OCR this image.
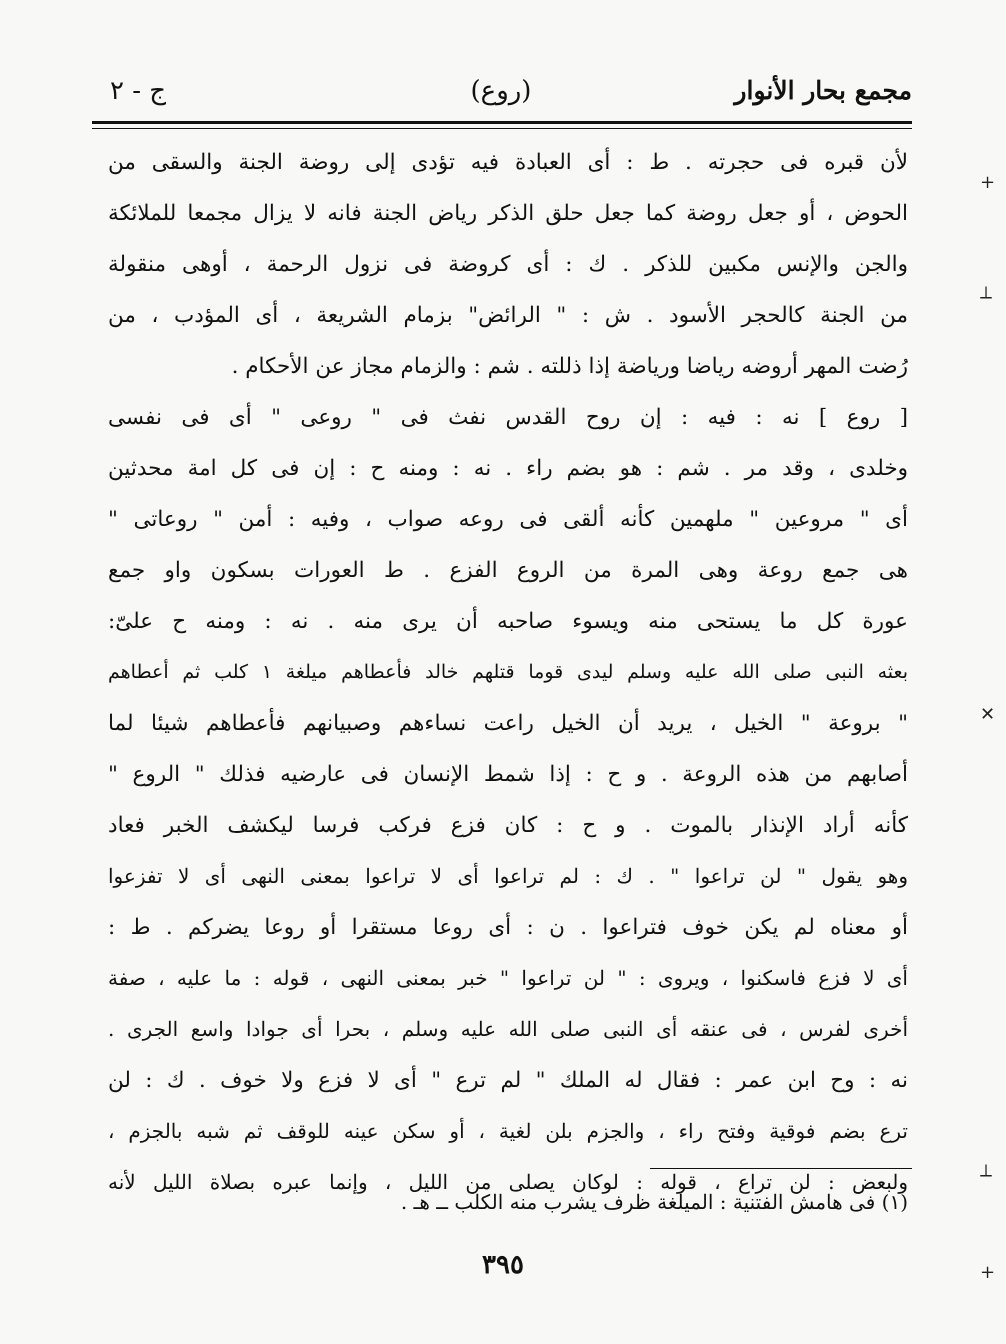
مجمع بحار الأنوار
(روع)
ج - ٢
لأن قبره فى حجرته . ط : أى العبادة فيه تؤدى إلى روضة الجنة والسقى من
الحوض ، أو جعل روضة كما جعل حلق الذكر رياض الجنة فانه لا يزال مجمعا للملائكة
والجن والإنس مكبين للذكر . ك : أى كروضة فى نزول الرحمة ، أوهى منقولة
من الجنة كالحجر الأسود . ش : " الرائض" بزمام الشريعة ، أى المؤدب ، من
رُضت المهر أروضه رياضا ورياضة إذا ذللته . شم : والزمام مجاز عن الأحكام .
[ روع ] نه : فيه : إن روح القدس نفث فى " روعى " أى فى نفسى
وخلدى ، وقد مر . شم : هو بضم راء . نه : ومنه ح : إن فى كل امة محدثين
أى " مروعين " ملهمين كأنه ألقى فى روعه صواب ، وفيه : أمن " روعاتى "
هى جمع روعة وهى المرة من الروع الفزع . ط العورات بسكون واو جمع
عورة كل ما يستحى منه ويسوء صاحبه أن يرى منه . نه : ومنه ح علىّ:
بعثه النبى صلى الله عليه وسلم ليدى قوما قتلهم خالد فأعطاهم ميلغة ١ كلب ثم أعطاهم
" بروعة " الخيل ، يريد أن الخيل راعت نساءهم وصبيانهم فأعطاهم شيئا لما
أصابهم من هذه الروعة . و ح : إذا شمط الإنسان فى عارضيه فذلك " الروع "
كأنه أراد الإنذار بالموت . و ح : كان فزع فركب فرسا ليكشف الخبر فعاد
وهو يقول " لن تراعوا " . ك : لم تراعوا أى لا تراعوا بمعنى النهى أى لا تفزعوا
أو معناه لم يكن خوف فتراعوا . ن : أى روعا مستقرا أو روعا يضركم . ط :
أى لا فزع فاسكنوا ، ويروى : " لن تراعوا " خبر بمعنى النهى ، قوله : ما عليه ، صفة
أخرى لفرس ، فى عنقه أى النبى صلى الله عليه وسلم ، بحرا أى جوادا واسع الجرى .
نه : وح ابن عمر : فقال له الملك " لم ترع " أى لا فزع ولا خوف . ك : لن
ترع بضم فوقية وفتح راء ، والجزم بلن لغية ، أو سكن عينه للوقف ثم شبه بالجزم ،
ولبعض : لن تراع ، قوله : لوكان يصلى من الليل ، وإنما عبره بصلاة الليل لأنه
(١) فى هامش الفتنية : الميلغة ظرف يشرب منه الكلب ــ هـ .
٣٩٥
+
⟂
✕
⟂
+
